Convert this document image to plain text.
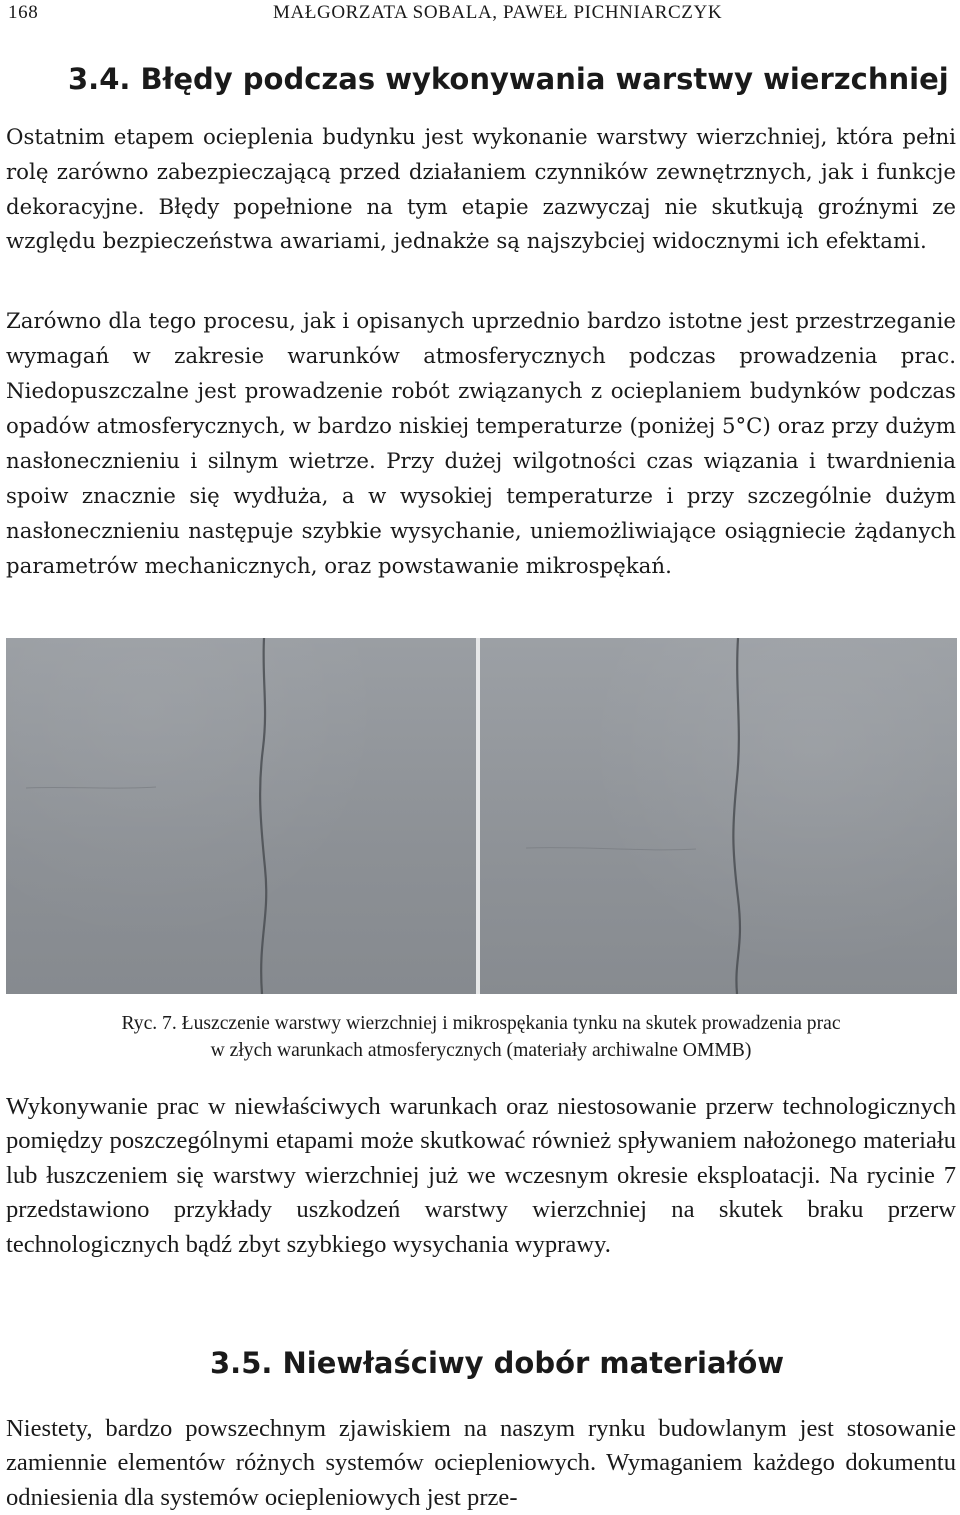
168	MAŁGORZATA SOBALA, PAWEŁ PICHNIARCZYK
3.4. Błędy podczas wykonywania warstwy wierzchniej

Ostatnim etapem ocieplenia budynku jest wykonanie warstwy wierzchniej, która pełni rolę zarówno zabezpieczającą przed działaniem czynników zewnętrznych, jak i funkcje dekoracyjne. Błędy popełnione na tym etapie zazwyczaj nie skutkują groźnymi ze względu bezpieczeństwa awariami, jednakże są najszybciej widocznymi ich efektami.

Zarówno dla tego procesu, jak i opisanych uprzednio bardzo istotne jest przestrzeganie wymagań w zakresie warunków atmosferycznych podczas prowadzenia prac. Niedopuszczalne jest prowadzenie robót związanych z ocieplaniem budynków podczas opadów atmosferycznych, w bardzo niskiej temperaturze (poniżej 5°C) oraz przy dużym nasłonecznieniu i silnym wietrze. Przy dużej wilgotności czas wiązania i twardnienia spoiw znacznie się wydłuża, a w wysokiej temperaturze i przy szczególnie dużym nasłonecznieniu następuje szybkie wysychanie, uniemożliwiające osiągniecie żądanych parametrów mechanicznych, oraz powstawanie mikrospękań.

Ryc. 7. Łuszczenie warstwy wierzchniej i mikrospękania tynku na skutek prowadzenia prac
w złych warunkach atmosferycznych (materiały archiwalne OMMB)

Wykonywanie prac w niewłaściwych warunkach oraz niestosowanie przerw technologicznych pomiędzy poszczególnymi etapami może skutkować również spływaniem nałożonego materiału lub łuszczeniem się warstwy wierzchniej już we wczesnym okresie eksploatacji. Na rycinie 7 przedstawiono przykłady uszkodzeń warstwy wierzchniej na skutek braku przerw technologicznych bądź zbyt szybkiego wysychania wyprawy.

3.5. Niewłaściwy dobór materiałów

Niestety, bardzo powszechnym zjawiskiem na naszym rynku budowlanym jest stosowanie zamiennie elementów różnych systemów ociepleniowych. Wymaganiem każdego dokumentu odniesienia dla systemów ociepleniowych jest prze-
